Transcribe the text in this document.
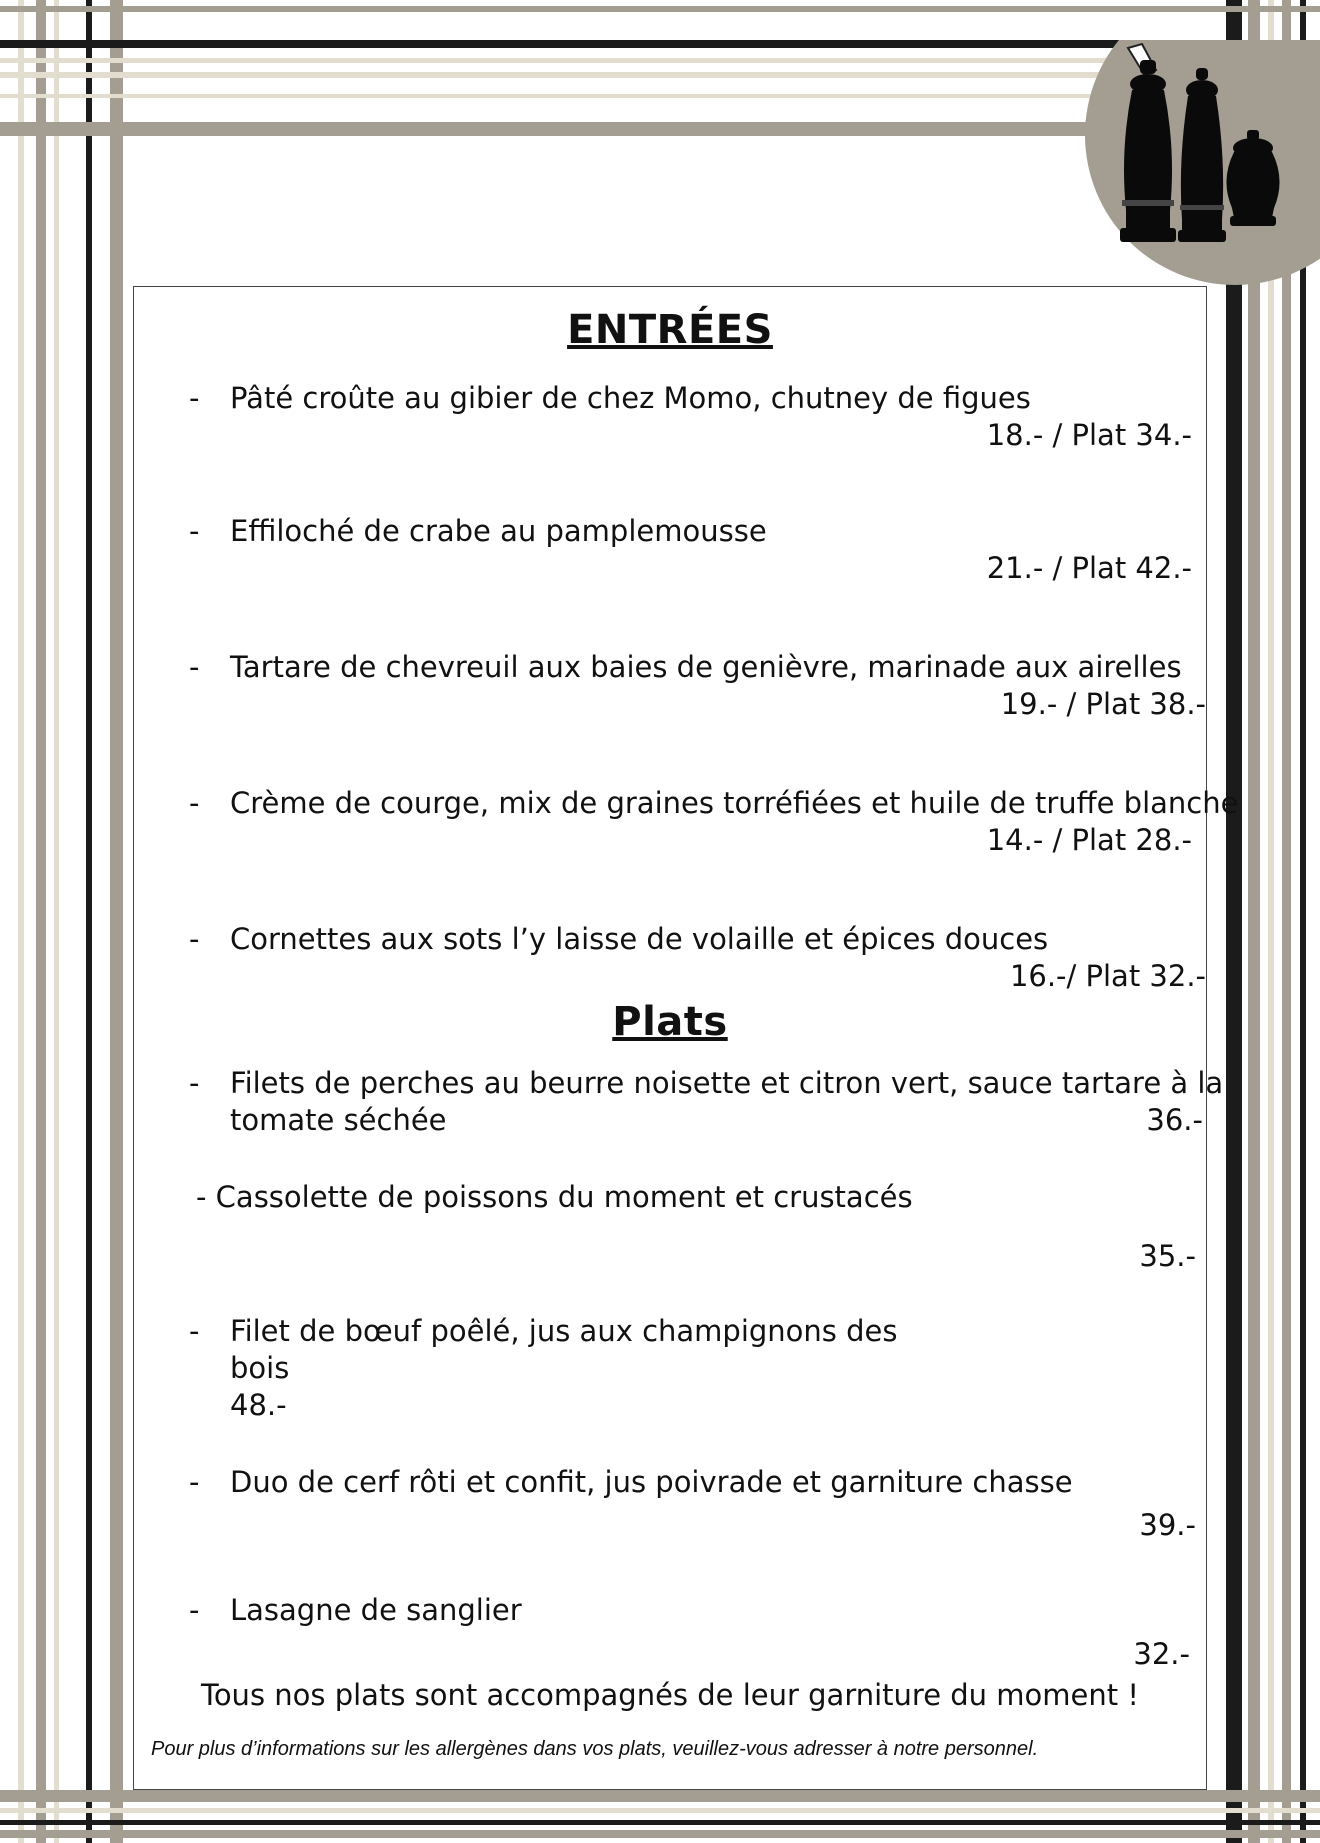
ENTRÉES
- Pâté croûte au gibier de chez Momo, chutney de figues
18.- / Plat 34.-
- Effiloché de crabe au pamplemousse
21.- / Plat 42.-
- Tartare de chevreuil aux baies de genièvre, marinade aux airelles
19.- / Plat 38.-
- Crème de courge, mix de graines torréfiées et huile de truffe blanche
14.- / Plat 28.-
- Cornettes aux sots l’y laisse de volaille et épices douces
16.-/ Plat 32.-
Plats
- Filets de perches au beurre noisette et citron vert, sauce tartare à la
tomate séchée	36.-
- Cassolette de poissons du moment et crustacés
35.-
- Filet de bœuf poêlé, jus aux champignons des
bois
48.-
- Duo de cerf rôti et confit, jus poivrade et garniture chasse
39.-
- Lasagne de sanglier
32.-
Tous nos plats sont accompagnés de leur garniture du moment !
Pour plus d’informations sur les allergènes dans vos plats, veuillez-vous adresser à notre personnel.
